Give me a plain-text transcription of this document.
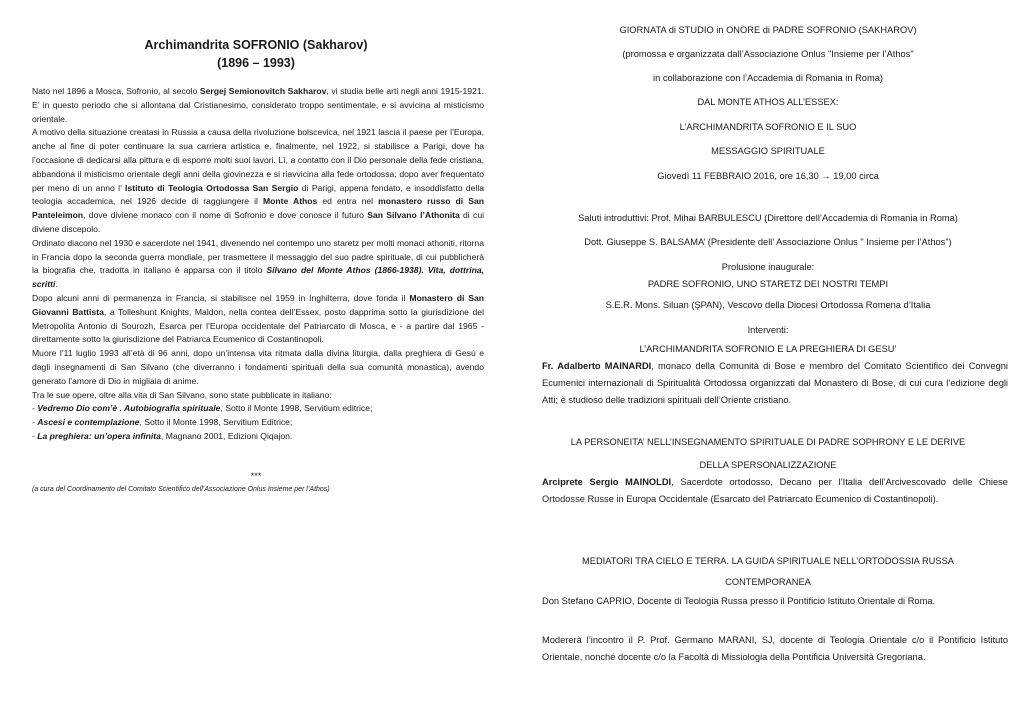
Archimandrita SOFRONIO (Sakharov)
(1896 – 1993)

Nato nel 1896 a Mosca, Sofronio, al secolo Sergej Semionovitch Sakharov, vi studia belle arti negli anni 1915-1921. E’ in questo periodo che si allontana dal Cristianesimo, considerato troppo sentimentale, e si avvicina al misticismo orientale.

A motivo della situazione creatasi in Russia a causa della rivoluzione bolscevica, nel 1921 lascia il paese per l’Europa, anche al fine di poter continuare la sua carriera artistica e, finalmente, nel 1922, si stabilisce a Parigi, dove ha l’occasione di dedicarsi alla pittura e di esporre molti suoi lavori. Lì, a contatto con il Dio personale della fede cristiana, abbandona il misticismo orientale degli anni della giovinezza e si riavvicina alla fede ortodossa; dopo aver frequentato per meno di un anno l’ Istituto di Teologia Ortodossa San Sergio di Parigi, appena fondato, e insoddisfatto della teologia accademica, nel 1926 decide di raggiungere il Monte Athos ed entra nel monastero russo di San Panteleimon, dove diviene monaco con il nome di Sofronio e dove conosce il futuro San Silvano l’Athonita di cui diviene discepolo.

Ordinato diacono nel 1930 e sacerdote nel 1941, divenendo nel contempo uno staretz per molti monaci athoniti, ritorna in Francia dopo la seconda guerra mondiale, per trasmettere il messaggio del suo padre spirituale, di cui pubblicherà la biografia che, tradotta in italiano è apparsa con il titolo Silvano del Monte Athos (1866-1938). Vita, dottrina, scritti.

Dopo alcuni anni di permanenza in Francia, si stabilisce nel 1959 in Inghilterra, dove fonda il Monastero di San Giovanni Battista, a Tolleshunt Knights, Maldon, nella contea dell’Essex, posto dapprima sotto la giurisdizione del Metropolita Antonio di Sourozh, Esarca per l’Europa occidentale del Patriarcato di Mosca, e - a partire dal 1965 - direttamente sotto la giurisdizione del Patriarca Ecumenico di Costantinopoli.

Muore l’11 luglio 1993 all’età di 96 anni, dopo un’intensa vita ritmata dalla divina liturgia, dalla preghiera di Gesù e dagli insegnamenti di San Silvano (che diverranno i fondamenti spirituali della sua comunità monastica), avendo generato l’amore di Dio in migliaia di anime.

Tra le sue opere, oltre alla vita di San Silvano, sono state pubblicate in italiano:

- Vedremo Dio com’è . Autobiografia spirituale, Sotto il Monte 1998, Servitium editrice;
- Ascesi e contemplazione, Sotto il Monte 1998, Servitium Editrice;
- La preghiera: un’opera infinita, Magnano 2001, Edizioni Qiqajon.
***
(a cura del Coordinamento del Comitato Scientifico dell’Associazione Onlus Insieme per l’Athos)
GIORNATA di STUDIO in ONORE di PADRE SOFRONIO (SAKHAROV)
(promossa e organizzata dall’Associazione Onlus "Insieme per l’Athos"
in collaborazione con l’Accademia di Romania in Roma)
DAL MONTE ATHOS ALL’ESSEX:
L’ARCHIMANDRITA SOFRONIO E IL SUO
MESSAGGIO SPIRITUALE
Giovedì 11 FEBBRAIO 2016, ore 16,30 → 19,00 circa
Saluti introduttivi: Prof. Mihai BARBULESCU (Direttore dell’Accademia di Romania in Roma)
Dott. Giuseppe S. BALSAMA’ (Presidente dell’ Associazione Onlus " Insieme per l’Athos")
Prolusione inaugurale:
PADRE SOFRONIO, UNO STARETZ DEI NOSTRI TEMPI
S.E.R. Mons. Siluan (ŞPAN), Vescovo della Diocesi Ortodossa Romena d’Italia
Interventi:
L’ARCHIMANDRITA SOFRONIO E LA PREGHIERA DI GESU’
Fr. Adalberto MAINARDI, monaco della Comunità di Bose e membro del Comitato Scientifico dei Convegni Ecumenici internazionali di Spiritualità Ortodossa organizzati dal Monastero di Bose, di cui cura l’edizione degli Atti; è studioso delle tradizioni spirituali dell’Oriente cristiano.
LA PERSONEITA’ NELL’INSEGNAMENTO SPIRITUALE DI PADRE SOPHRONY E LE DERIVE
DELLA SPERSONALIZZAZIONE
Arciprete Sergio MAINOLDI, Sacerdote ortodosso, Decano per l’Italia dell’Arcivescovado delle Chiese Ortodosse Russe in Europa Occidentale (Esarcato del Patriarcato Ecumenico di Costantinopoli).
MEDIATORI TRA CIELO E TERRA. LA GUIDA SPIRITUALE NELL’ORTODOSSIA RUSSA
CONTEMPORANEA
Don Stefano CAPRIO, Docente di Teologia Russa presso il Pontificio Istituto Orientale di Roma.
Modererà l’incontro il P. Prof. Germano MARANI, SJ, docente di Teologia Orientale c/o il Pontificio Istituto Orientale, nonché docente c/o la Facoltà di Missiologia della Pontificia Università Gregoriana.
